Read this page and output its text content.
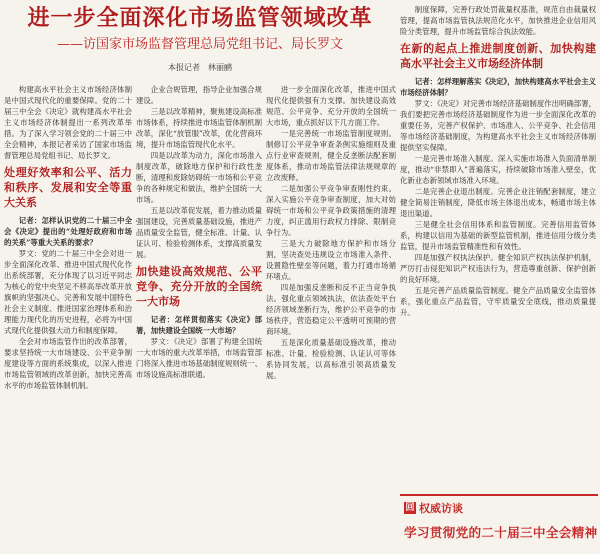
进一步全面深化市场监管领域改革
——访国家市场监督管理总局党组书记、局长罗文
本报记者　林丽鹂

构建高水平社会主义市场经济体制是中国式现代化的重要保障。党的二十届三中全会《决定》就构建高水平社会主义市场经济体制提出一系列改革举措。为了深入学习领会党的二十届三中全会精神，本报记者采访了国家市场监督管理总局党组书记、局长罗文。

处理好效率和公平、活力和秩序、发展和安全等重大关系

记者：怎样认识党的二十届三中全会《决定》提出的“处理好政府和市场的关系”等重大关系的要求？

罗文：党的二十届三中全会对进一步全面深化改革、推进中国式现代化作出系统部署，充分体现了以习近平同志为核心的党中央坚定不移高举改革开放旗帜的坚强决心。完善和发展中国特色社会主义制度、推进国家治理体系和治理能力现代化的历史进程，必将为中国式现代化提供强大动力和制度保障。

全会对市场监管作出的改革部署，要求坚持统一大市场建设、公平竞争制度建设等方面的系统集成，以深入推进市场监管领域的改革创新，加快完善高水平的市场监管体制机制。

企业合规管理，指导企业加强合规建设。

三是以改革精神，聚焦建设高标准市场体系，持续推进市场监管体制机制改革，深化“放管服”改革，优化营商环境，提升市场监管现代化水平。

四是以改革为动力，深化市场准入制度改革，破除地方保护和行政性垄断，清理和废除妨碍统一市场和公平竞争的各种规定和做法，维护全国统一大市场。

五是以改革促发展，着力推动质量强国建设，完善质量基础设施，推进产品质量安全监管，健全标准、计量、认证认可、检验检测体系，支撑高质量发展。

加快建设高效规范、公平竞争、充分开放的全国统一大市场

记者：怎样贯彻落实《决定》部署，加快建设全国统一大市场？

罗文：《决定》部署了构建全国统一大市场的重大改革举措，市场监管部门将深入推进市场基础制度规则统一、市场设施高标准联通。

进一步全面深化改革，推进中国式现代化提供强有力支撑。加快建设高效规范、公平竞争、充分开放的全国统一大市场，重点抓好以下几方面工作。

一是完善统一市场监管制度规则。制修订公平竞争审查条例实施细则及重点行业审查规则，健全反垄断法配套制度体系，推动市场监管法律法规规章的立改废释。

二是加强公平竞争审查刚性约束。深入实施公平竞争审查制度，加大对妨碍统一市场和公平竞争政策措施的清理力度，纠正滥用行政权力排除、限制竞争行为。

三是大力破除地方保护和市场分割，坚决查处违规设立市场准入条件、设置隐性壁垒等问题，着力打通市场循环堵点。

四是加强反垄断和反不正当竞争执法。强化重点领域执法，依法查处平台经济领域垄断行为，维护公平竞争的市场秩序，营造稳定公平透明可预期的营商环境。

五是深化质量基础设施改革，推动标准、计量、检验检测、认证认可等体系协同发展，以高标准引领高质量发展。

制度保障，完善行政处罚裁量权基准，规范自由裁量权管理，提高市场监管执法规范化水平，加快推进企业信用风险分类管理，提升市场监管综合执法效能。

在新的起点上推进制度创新、加快构建高水平社会主义市场经济体制

记者：怎样理解落实《决定》，加快构建高水平社会主义市场经济体制？

罗文：《决定》对完善市场经济基础制度作出明确部署，我们要把完善市场经济基础制度作为进一步全面深化改革的重要任务，完善产权保护、市场准入、公平竞争、社会信用等市场经济基础制度，为构建高水平社会主义市场经济体制提供坚实保障。

一是完善市场准入制度。深入实施市场准入负面清单制度，推动“非禁即入”普遍落实，持续破除市场准入壁垒，优化新业态新领域市场准入环境。

二是完善企业退出制度。完善企业注销配套制度，建立健全简易注销制度，降低市场主体退出成本，畅通市场主体退出渠道。

三是健全社会信用体系和监管制度。完善信用监管体系，构建以信用为基础的新型监管机制，推进信用分级分类监管，提升市场监管精准性和有效性。

四是加强产权执法保护。健全知识产权执法保护机制，严厉打击侵犯知识产权违法行为，营造尊重创新、保护创新的良好环境。

五是完善产品质量监管制度。健全产品质量安全监管体系，强化重点产品监管，守牢质量安全底线，推动质量提升。

回 权威访谈
学习贯彻党的二十届三中全会精神
